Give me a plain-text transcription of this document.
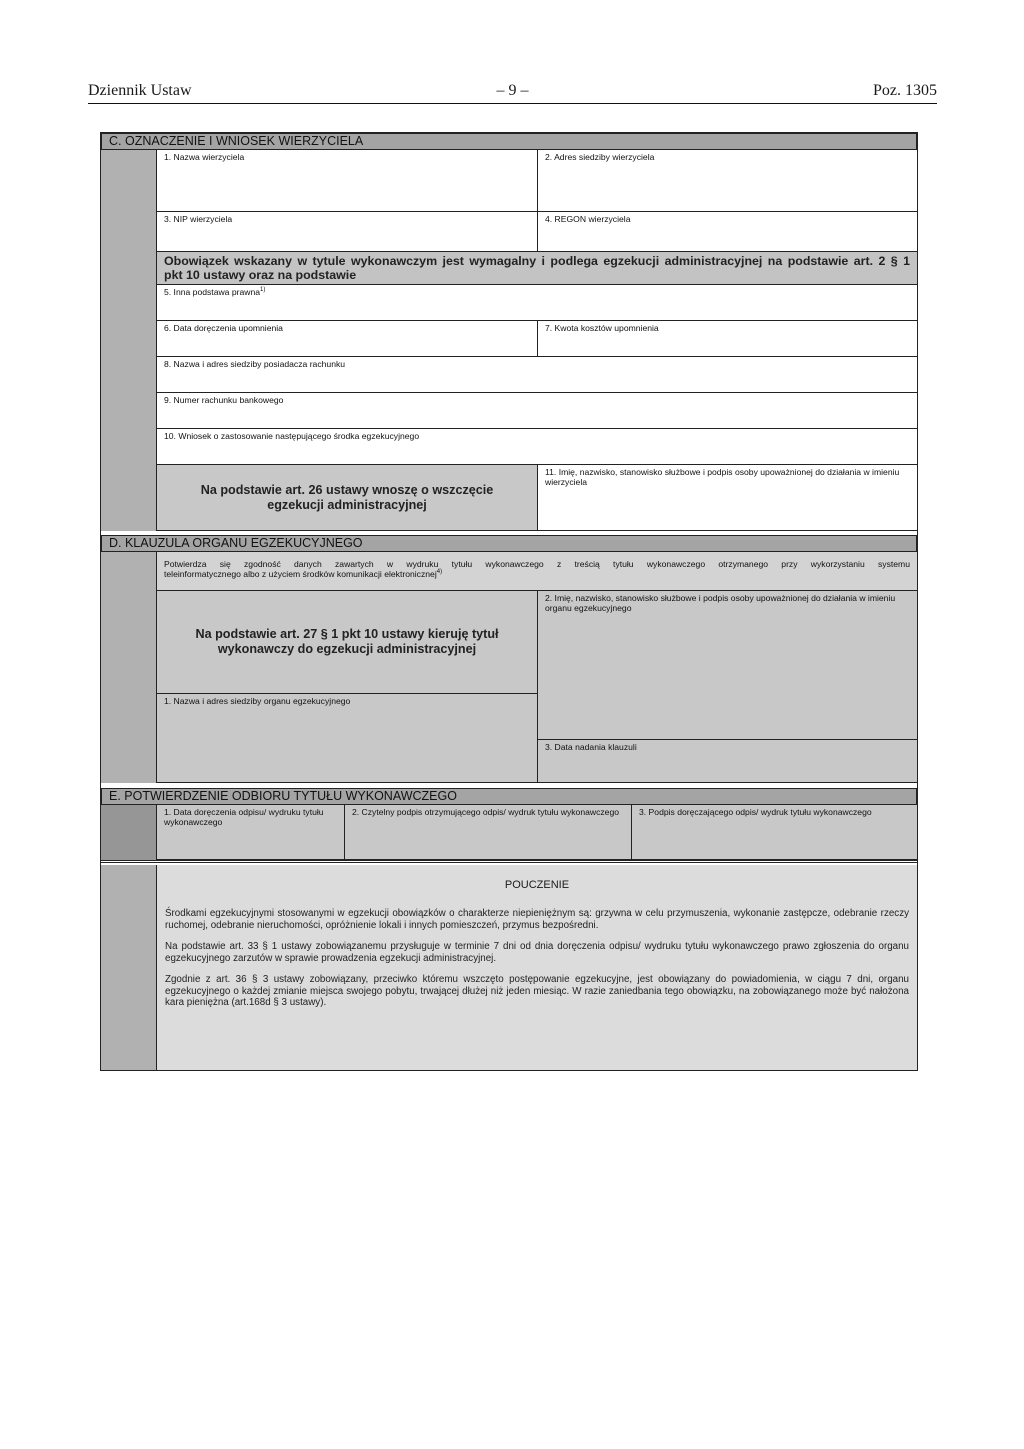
Dziennik Ustaw	– 9 –	Poz. 1305
C. OZNACZENIE I WNIOSEK WIERZYCIELA
1. Nazwa wierzyciela	2. Adres siedziby wierzyciela
3. NIP wierzyciela	4. REGON wierzyciela
Obowiązek wskazany w tytule wykonawczym jest wymagalny i podlega egzekucji administracyjnej na podstawie art. 2 § 1
pkt 10 ustawy oraz na podstawie
5. Inna podstawa prawna$^{1)}$
6. Data doręczenia upomnienia	7. Kwota kosztów upomnienia
8. Nazwa i adres siedziby posiadacza rachunku
9. Numer rachunku bankowego
10. Wniosek o zastosowanie następującego środka egzekucyjnego
Na podstawie art. 26 ustawy wnoszę o wszczęcie egzekucji administracyjnej
11. Imię, nazwisko, stanowisko służbowe i podpis osoby upoważnionej do działania w imieniu wierzyciela
D. KLAUZULA ORGANU EGZEKUCYJNEGO
Potwierdza się zgodność danych zawartych w wydruku tytułu wykonawczego z treścią tytułu wykonawczego otrzymanego przy wykorzystaniu systemu
teleinformatycznego albo z użyciem środków komunikacji elektronicznej$^{4)}$
Na podstawie art. 27 § 1 pkt 10 ustawy kieruję tytuł wykonawczy do egzekucji administracyjnej
2. Imię, nazwisko, stanowisko służbowe i podpis osoby upoważnionej do działania w imieniu organu egzekucyjnego
1. Nazwa i adres siedziby organu egzekucyjnego
3. Data nadania klauzuli
E. POTWIERDZENIE ODBIORU TYTUŁU WYKONAWCZEGO
1. Data doręczenia odpisu/ wydruku tytułu wykonawczego
2. Czytelny podpis otrzymującego odpis/ wydruk tytułu wykonawczego	3. Podpis doręczającego odpis/ wydruk tytułu wykonawczego
POUCZENIE

Środkami egzekucyjnymi stosowanymi w egzekucji obowiązków o charakterze niepieniężnym są: grzywna w celu przymuszenia, wykonanie zastępcze, odebranie rzeczy ruchomej, odebranie nieruchomości, opróżnienie lokali i innych pomieszczeń, przymus bezpośredni.

Na podstawie art. 33 § 1 ustawy zobowiązanemu przysługuje w terminie 7 dni od dnia doręczenia odpisu/ wydruku tytułu wykonawczego prawo zgłoszenia do organu egzekucyjnego zarzutów w sprawie prowadzenia egzekucji administracyjnej.

Zgodnie z art. 36 § 3 ustawy zobowiązany, przeciwko któremu wszczęto postępowanie egzekucyjne, jest obowiązany do powiadomienia, w ciągu 7 dni, organu egzekucyjnego o każdej zmianie miejsca swojego pobytu, trwającej dłużej niż jeden miesiąc. W razie zaniedbania tego obowiązku, na zobowiązanego może być nałożona kara pieniężna (art.168d § 3 ustawy).
